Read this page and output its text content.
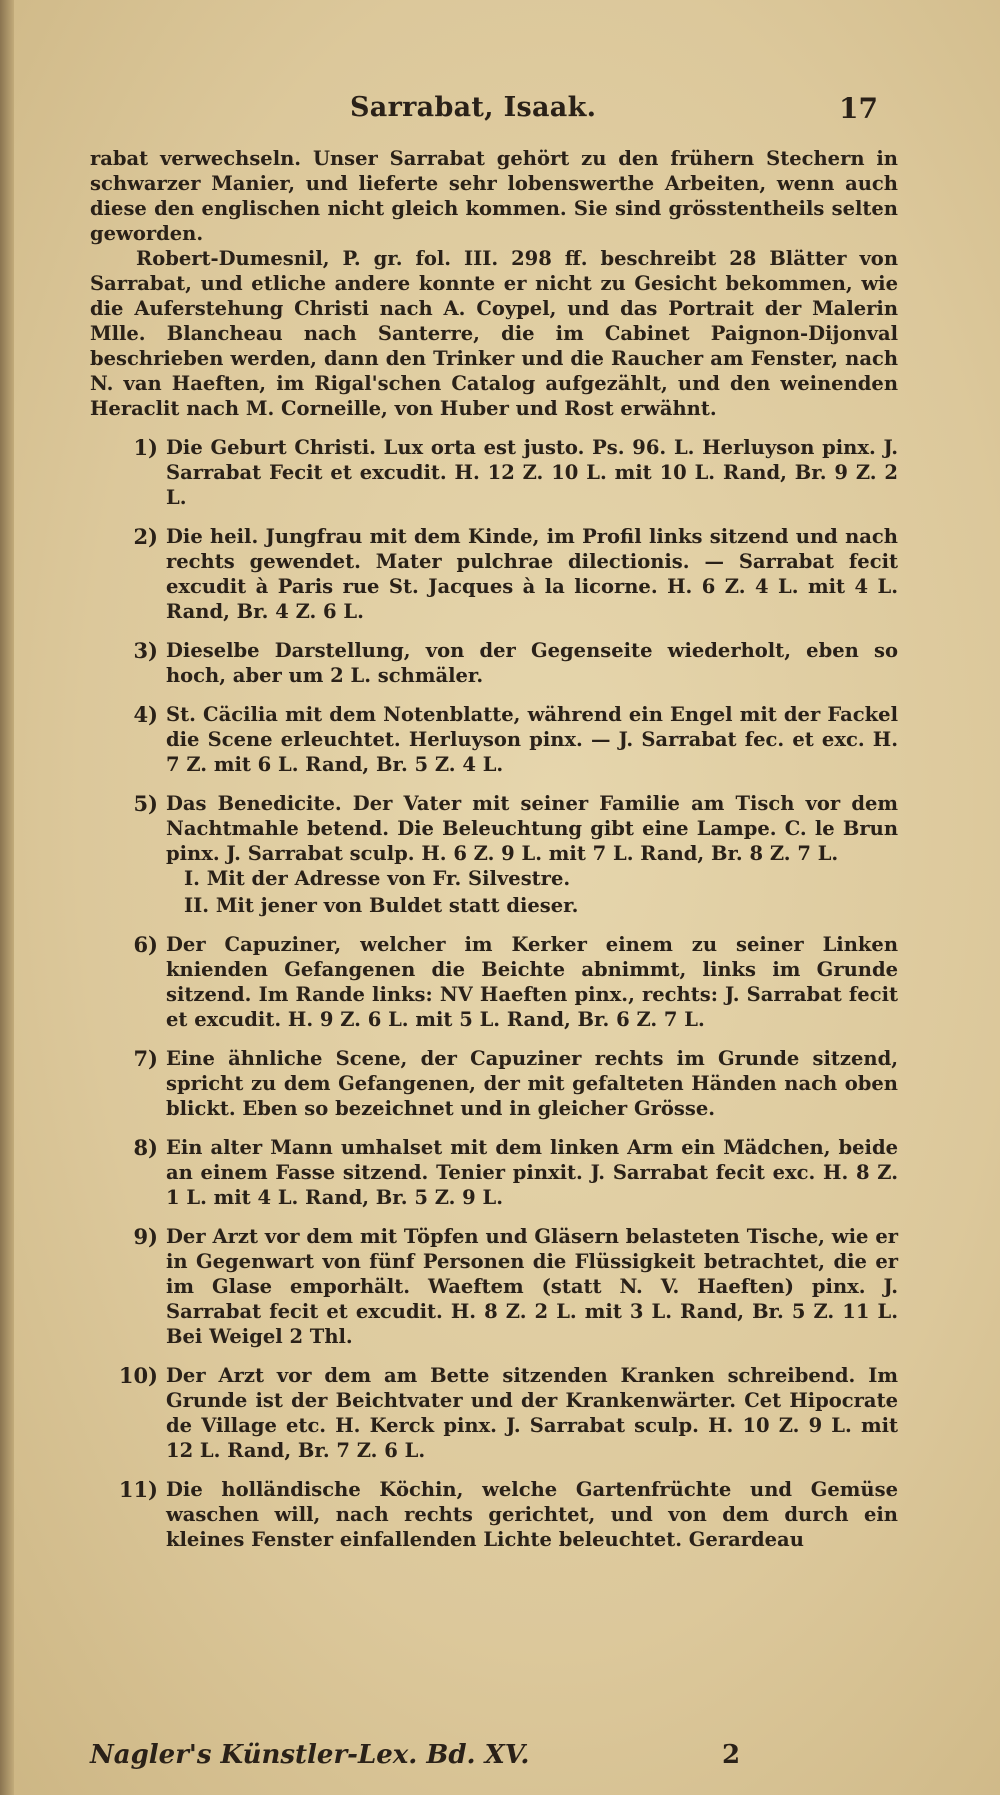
Sarrabat, Isaak.	17

rabat verwechseln. Unser Sarrabat gehört zu den frühern Stechern in schwarzer Manier, und lieferte sehr lobenswerthe Arbeiten, wenn auch diese den englischen nicht gleich kommen. Sie sind grösstentheils selten geworden.

Robert-Dumesnil, P. gr. fol. III. 298 ff. beschreibt 28 Blätter von Sarrabat, und etliche andere konnte er nicht zu Gesicht bekommen, wie die Auferstehung Christi nach A. Coypel, und das Portrait der Malerin Mlle. Blancheau nach Santerre, die im Cabinet Paignon-Dijonval beschrieben werden, dann den Trinker und die Raucher am Fenster, nach N. van Haeften, im Rigal'schen Catalog aufgezählt, und den weinenden Heraclit nach M. Corneille, von Huber und Rost erwähnt.

1) Die Geburt Christi. Lux orta est justo. Ps. 96. L. Herluyson pinx. J. Sarrabat Fecit et excudit. H. 12 Z. 10 L. mit 10 L. Rand, Br. 9 Z. 2 L.
2) Die heil. Jungfrau mit dem Kinde, im Profil links sitzend und nach rechts gewendet. Mater pulchrae dilectionis. — Sarrabat fecit excudit à Paris rue St. Jacques à la licorne. H. 6 Z. 4 L. mit 4 L. Rand, Br. 4 Z. 6 L.
3) Dieselbe Darstellung, von der Gegenseite wiederholt, eben so hoch, aber um 2 L. schmäler.
4) St. Cäcilia mit dem Notenblatte, während ein Engel mit der Fackel die Scene erleuchtet. Herluyson pinx. — J. Sarrabat fec. et exc. H. 7 Z. mit 6 L. Rand, Br. 5 Z. 4 L.
5) Das Benedicite. Der Vater mit seiner Familie am Tisch vor dem Nachtmahle betend. Die Beleuchtung gibt eine Lampe. C. le Brun pinx. J. Sarrabat sculp. H. 6 Z. 9 L. mit 7 L. Rand, Br. 8 Z. 7 L.

I. Mit der Adresse von Fr. Silvestre.

II. Mit jener von Buldet statt dieser.

6) Der Capuziner, welcher im Kerker einem zu seiner Linken knienden Gefangenen die Beichte abnimmt, links im Grunde sitzend. Im Rande links: NV Haeften pinx., rechts: J. Sarrabat fecit et excudit. H. 9 Z. 6 L. mit 5 L. Rand, Br. 6 Z. 7 L.
7) Eine ähnliche Scene, der Capuziner rechts im Grunde sitzend, spricht zu dem Gefangenen, der mit gefalteten Händen nach oben blickt. Eben so bezeichnet und in gleicher Grösse.
8) Ein alter Mann umhalset mit dem linken Arm ein Mädchen, beide an einem Fasse sitzend. Tenier pinxit. J. Sarrabat fecit exc. H. 8 Z. 1 L. mit 4 L. Rand, Br. 5 Z. 9 L.
9) Der Arzt vor dem mit Töpfen und Gläsern belasteten Tische, wie er in Gegenwart von fünf Personen die Flüssigkeit betrachtet, die er im Glase emporhält. Waeftem (statt N. V. Haeften) pinx. J. Sarrabat fecit et excudit. H. 8 Z. 2 L. mit 3 L. Rand, Br. 5 Z. 11 L. Bei Weigel 2 Thl.
10) Der Arzt vor dem am Bette sitzenden Kranken schreibend. Im Grunde ist der Beichtvater und der Krankenwärter. Cet Hipocrate de Village etc. H. Kerck pinx. J. Sarrabat sculp. H. 10 Z. 9 L. mit 12 L. Rand, Br. 7 Z. 6 L.
11) Die holländische Köchin, welche Gartenfrüchte und Gemüse waschen will, nach rechts gerichtet, und von dem durch ein kleines Fenster einfallenden Lichte beleuchtet. Gerardeau
Nagler's Künstler-Lex. Bd. XV.	2
